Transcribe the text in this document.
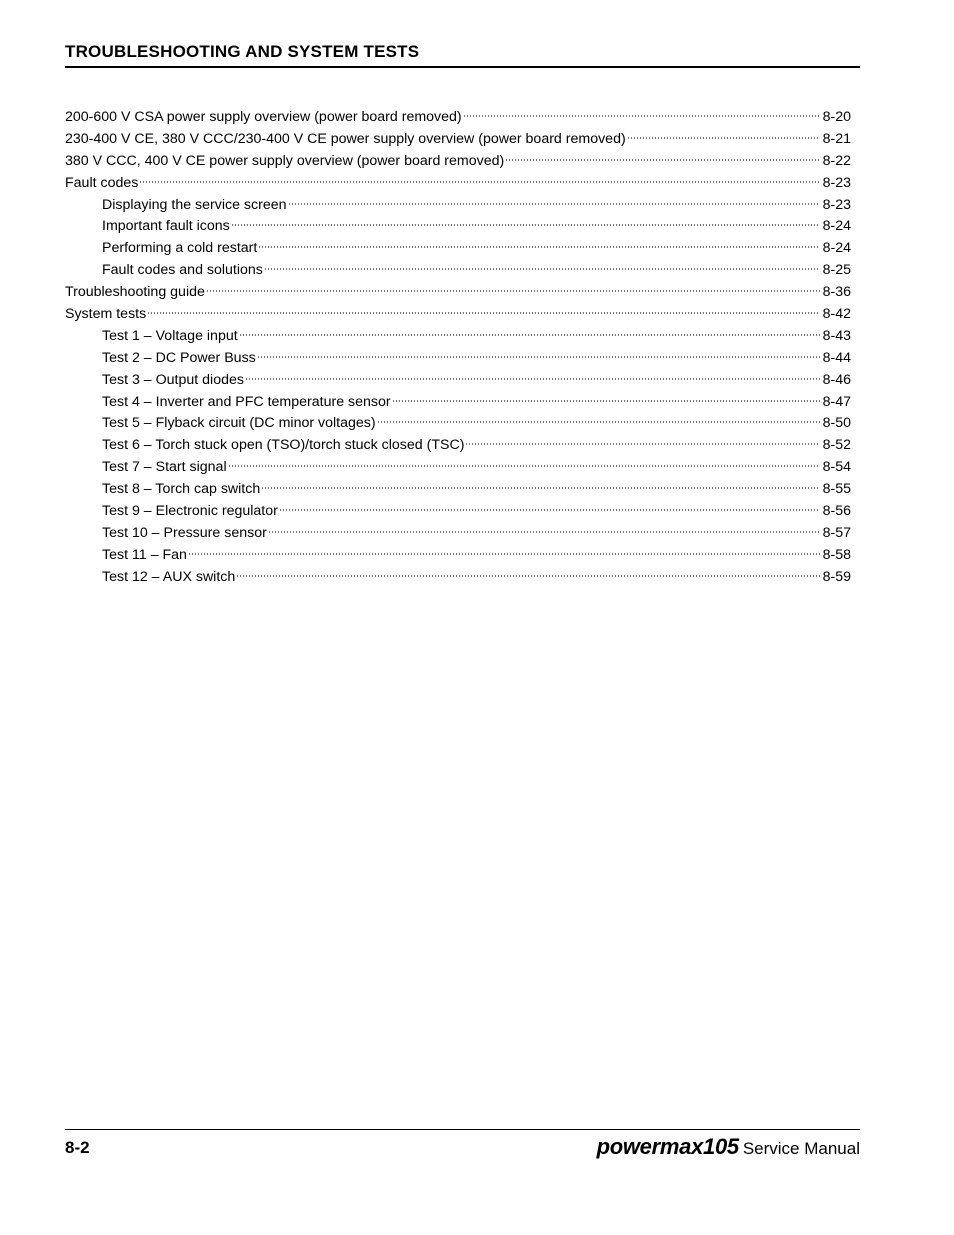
TROUBLESHOOTING AND SYSTEM TESTS
200-600 V CSA power supply overview (power board removed)	8-20
230-400 V CE, 380 V CCC/230-400 V CE power supply overview (power board removed)	8-21
380 V CCC, 400 V CE power supply overview (power board removed)	8-22
Fault codes	8-23
Displaying the service screen	8-23
Important fault icons	8-24
Performing a cold restart	8-24
Fault codes and solutions	8-25
Troubleshooting guide	8-36
System tests	8-42
Test 1 – Voltage input	8-43
Test 2 – DC Power Buss	8-44
Test 3 – Output diodes	8-46
Test 4 – Inverter and PFC temperature sensor	8-47
Test 5 – Flyback circuit (DC minor voltages)	8-50
Test 6 – Torch stuck open (TSO)/torch stuck closed (TSC)	8-52
Test 7 – Start signal	8-54
Test 8 – Torch cap switch	8-55
Test 9 – Electronic regulator	8-56
Test 10 – Pressure sensor	8-57
Test 11 – Fan	8-58
Test 12 – AUX switch	8-59
8-2	powermax105 Service Manual
